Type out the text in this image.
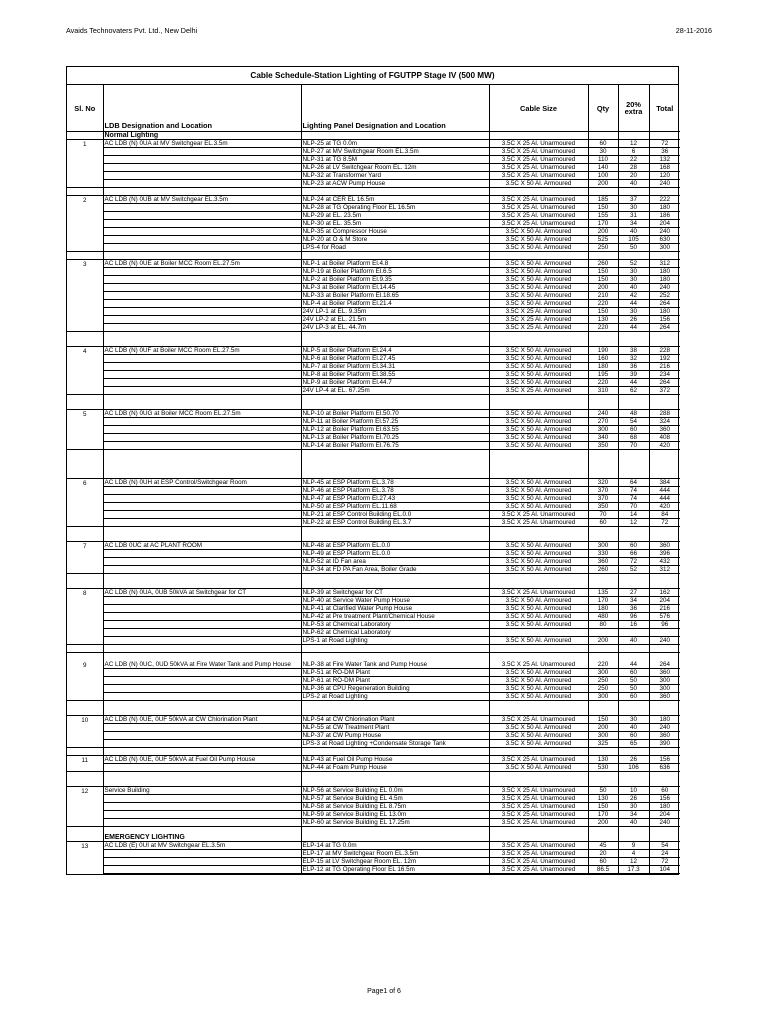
Avaids Technovaters Pvt. Ltd., New Delhi	28-11-2016
Cable Schedule-Station Lighting of FGUTPP Stage IV (500 MW)
Sl. No	LDB Designation and Location	Lighting Panel Designation and Location	Cable Size	Qty	20% extra	Total
	Normal Lighting					
1	AC LDB (N) 0UA at MV Switchgear EL.3.5m	NLP-25 at TG 0.0m	3.5C X 25 Al. Unarmoured	60	12	72
		NLP-27 at MV Switchgear Room EL.3.5m	3.5C X 25 Al. Unarmoured	30	6	36
		NLP-31 at TG 8.5M	3.5C X 25 Al. Unarmoured	110	22	132
		NLP-26 at LV Switchgear Room EL. 12m	3.5C X 25 Al. Unarmoured	140	28	168
		NLP-32 at Transformer Yard	3.5C X 25 Al. Unarmoured	100	20	120
		NLP-23 at ACW Pump House	3.5C X 50 Al. Armoured	200	40	240

2	AC LDB (N) 0UB at MV Switchgear EL.3.5m	NLP-24 at CER EL 16.5m	3.5C X 25 Al. Unarmoured	185	37	222
		NLP-28 at TG Operating Floor EL 16.5m	3.5C X 25 Al. Unarmoured	150	30	180
		NLP-29 at EL. 23.5m	3.5C X 25 Al. Unarmoured	155	31	186
		NLP-30 at EL. 35.5m	3.5C X 25 Al. Unarmoured	170	34	204
		NLP-35 at Compressor House	3.5C X 50 Al. Armoured	200	40	240
		NLP-20 at O & M Store	3.5C X 50 Al. Armoured	525	105	630
		LPS-4 for Road	3.5C X 50 Al. Armoured	250	50	300

3	AC LDB (N) 0UE at Boiler MCC Room EL.27.5m	NLP-1 at Boiler Platform El.4.8	3.5C X 50 Al. Armoured	260	52	312
		NLP-19 at Boiler Platform El.6.5	3.5C X 50 Al. Armoured	150	30	180
		NLP-2 at Boiler Platform El.9.35	3.5C X 50 Al. Armoured	150	30	180
		NLP-3 at Boiler Platform El.14.45	3.5C X 50 Al. Armoured	200	40	240
		NLP-33 at Boiler Platform El.18.65	3.5C X 50 Al. Armoured	210	42	252
		NLP-4 at Boiler Platform El.21.4	3.5C X 50 Al. Armoured	220	44	264
		24V LP-1 at EL. 9.35m	3.5C X 25 Al. Armoured	150	30	180
		24V LP-2 at EL. 21.5m	3.5C X 25 Al. Armoured	130	26	156
		24V LP-3 at EL. 44.7m	3.5C X 25 Al. Armoured	220	44	264

4	AC LDB (N) 0UF at Boiler MCC Room EL.27.5m	NLP-5 at Boiler Platform El.24.4	3.5C X 50 Al. Armoured	190	38	228
		NLP-6 at Boiler Platform El.27.45	3.5C X 50 Al. Armoured	160	32	192
		NLP-7 at Boiler Platform El.34.31	3.5C X 50 Al. Armoured	180	36	216
		NLP-8 at Boiler Platform El.38.55	3.5C X 50 Al. Armoured	195	39	234
		NLP-9 at Boiler Platform El.44.7	3.5C X 50 Al. Armoured	220	44	264
		24V LP-4 at EL. 67.25m	3.5C X 25 Al. Armoured	310	62	372

5	AC LDB (N) 0UG at Boiler MCC Room EL.27.5m	NLP-10 at Boiler Platform El.50.70	3.5C X 50 Al. Armoured	240	48	288
		NLP-11 at Boiler Platform El.57.25	3.5C X 50 Al. Armoured	270	54	324
		NLP-12 at Boiler Platform El.63.55	3.5C X 50 Al. Armoured	300	60	360
		NLP-13 at Boiler Platform El.70.25	3.5C X 50 Al. Armoured	340	68	408
		NLP-14 at Boiler Platform El.76.75	3.5C X 50 Al. Armoured	350	70	420

6	AC LDB (N) 0UH at ESP Control/Switchgear Room	NLP-45 at ESP Platform EL.3.78	3.5C X 50 Al. Armoured	320	64	384
		NLP-46 at ESP Platform EL.3.78	3.5C X 50 Al. Armoured	370	74	444
		NLP-47 at ESP Platform El.27.43	3.5C X 50 Al. Armoured	370	74	444
		NLP-50 at ESP Platform EL.11.68	3.5C X 50 Al. Armoured	350	70	420
		NLP-21 at ESP Control Building EL.0.0	3.5C X 25 Al. Unarmoured	70	14	84
		NLP-22 at ESP Control Building EL.3.7	3.5C X 25 Al. Unarmoured	60	12	72

7	AC LDB 0UC at AC PLANT ROOM	NLP-48 at ESP Platform EL.0.0	3.5C X 50 Al. Armoured	300	60	360
		NLP-49 at ESP Platform EL.0.0	3.5C X 50 Al. Armoured	330	66	396
		NLP-52 at ID Fan area	3.5C X 50 Al. Armoured	360	72	432
		NLP-34 at FD PA Fan Area, Boiler Grade	3.5C X 50 Al. Armoured	260	52	312

8	AC LDB (N) 0UA, 0UB 50kVA at Switchgear for CT	NLP-39 at Switchgear for CT	3.5C X 25 Al. Unarmoured	135	27	162
		NLP-40 at Service Water Pump House	3.5C X 50 Al. Armoured	170	34	204
		NLP-41 at Clarified Water Pump House	3.5C X 50 Al. Armoured	180	36	216
		NLP-42 at Pre treatment Plant/Chemical House	3.5C X 50 Al. Armoured	480	96	576
		NLP-53 at Chemical Laboratory	3.5C X 50 Al. Armoured	80	16	96
		NLP-62 at Chemical Laboratory				
		LPS-1 at Road Lighting	3.5C X 50 Al. Armoured	200	40	240

9	AC LDB (N) 0UC, 0UD 50kVA at Fire Water Tank and Pump House	NLP-38 at Fire Water Tank and Pump House	3.5C X 25 Al. Unarmoured	220	44	264
		NLP-51 at RO-DM Plant	3.5C X 50 Al. Armoured	300	60	360
		NLP-61 at RO-DM Plant	3.5C X 50 Al. Armoured	250	50	300
		NLP-36 at CPU Regeneration Building	3.5C X 50 Al. Armoured	250	50	300
		LPS-2 at Road Lighting	3.5C X 50 Al. Armoured	300	60	360

10	AC LDB (N) 0UE, 0UF 50kVA at CW Chlorination Plant	NLP-54 at CW Chlorination Plant	3.5C X 25 Al. Unarmoured	150	30	180
		NLP-55 at CW Treatment Plant	3.5C X 50 Al. Armoured	200	40	240
		NLP-37 at CW Pump House	3.5C X 50 Al. Armoured	300	60	360
		LPS-3 at Road Lighting +Condensate Storage Tank	3.5C X 50 Al. Armoured	325	65	390

11	AC LDB (N) 0UE, 0UF 50kVA at Fuel Oil Pump House	NLP-43 at Fuel Oil Pump House	3.5C X 25 Al. Unarmoured	130	26	156
		NLP-44 at Foam Pump House	3.5C X 50 Al. Armoured	530	106	636

12	Service Building	NLP-56 at Service Building EL 0.0m	3.5C X 25 Al. Unarmoured	50	10	60
		NLP-57 at Service Building EL 4.5m	3.5C X 25 Al. Unarmoured	130	26	156
		NLP-58 at Service Building EL 8.75m	3.5C X 25 Al. Unarmoured	150	30	180
		NLP-59 at Service Building EL 13.0m	3.5C X 25 Al. Unarmoured	170	34	204
		NLP-60 at Service Building EL 17.25m	3.5C X 25 Al. Unarmoured	200	40	240

	EMERGENCY LIGHTING					
13	AC LDB (E) 0UI at MV Switchgear EL.3.5m	ELP-14 at TG 0.0m	3.5C X 25 Al. Unarmoured	45	9	54
		ELP-17 at MV Switchgear Room EL.3.5m	3.5C X 25 Al. Unarmoured	20	4	24
		ELP-15 at LV Switchgear Room EL. 12m	3.5C X 25 Al. Unarmoured	60	12	72
		ELP-12 at TG Operating Floor EL 16.5m	3.5C X 25 Al. Unarmoured	86.5	17.3	104
Page1 of 6
